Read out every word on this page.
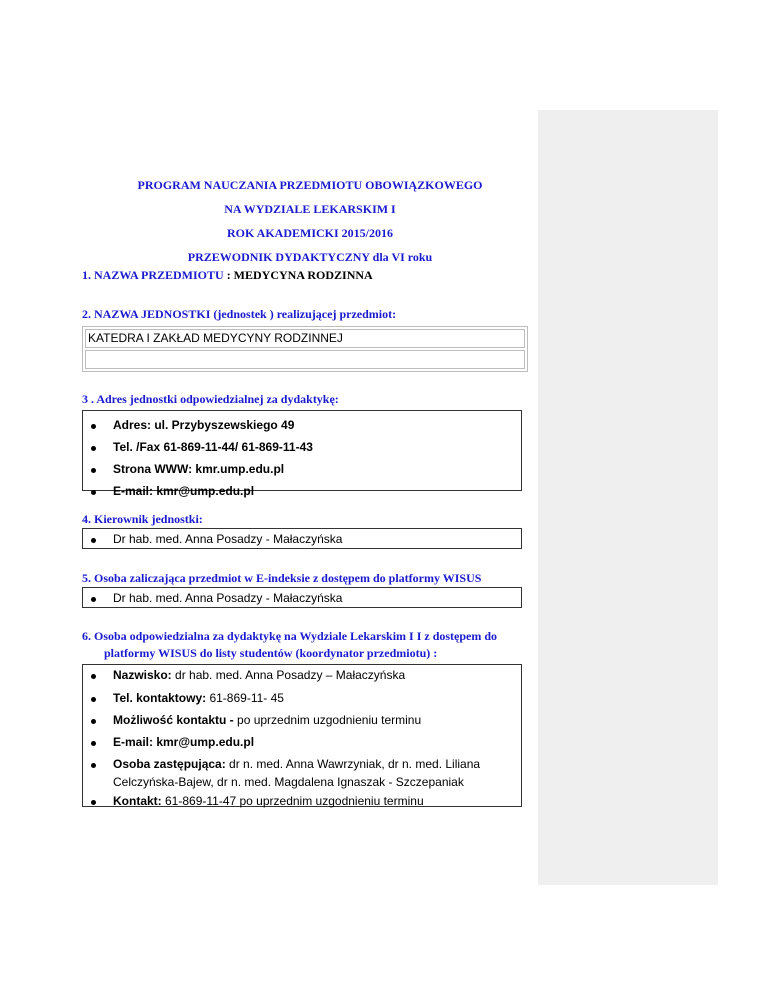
PROGRAM NAUCZANIA PRZEDMIOTU OBOWIĄZKOWEGO
NA WYDZIALE LEKARSKIM I
ROK AKADEMICKI 2015/2016
PRZEWODNIK DYDAKTYCZNY dla VI roku
1. NAZWA PRZEDMIOTU : MEDYCYNA RODZINNA
2. NAZWA JEDNOSTKI (jednostek ) realizującej przedmiot:
KATEDRA I ZAKŁAD MEDYCYNY RODZINNEJ
3 . Adres jednostki odpowiedzialnej za dydaktykę:
Adres: ul. Przybyszewskiego 49
Tel. /Fax 61-869-11-44/ 61-869-11-43
Strona WWW: kmr.ump.edu.pl
E-mail: kmr@ump.edu.pl
4. Kierownik jednostki:
Dr hab. med. Anna Posadzy - Małaczyńska
5. Osoba zaliczająca przedmiot w E-indeksie z dostępem do platformy WISUS
Dr hab. med. Anna Posadzy - Małaczyńska
6. Osoba odpowiedzialna za dydaktykę na Wydziale Lekarskim I I z dostępem do
platformy WISUS do listy studentów (koordynator przedmiotu) :
Nazwisko: dr hab. med. Anna Posadzy – Małaczyńska
Tel. kontaktowy: 61-869-11- 45
Możliwość kontaktu - po uprzednim uzgodnieniu terminu
E-mail: kmr@ump.edu.pl
Osoba zastępująca: dr n. med. Anna Wawrzyniak, dr n. med. Liliana
Celczyńska-Bajew, dr n. med. Magdalena Ignaszak - Szczepaniak
Kontakt: 61-869-11-47 po uprzednim uzgodnieniu terminu
